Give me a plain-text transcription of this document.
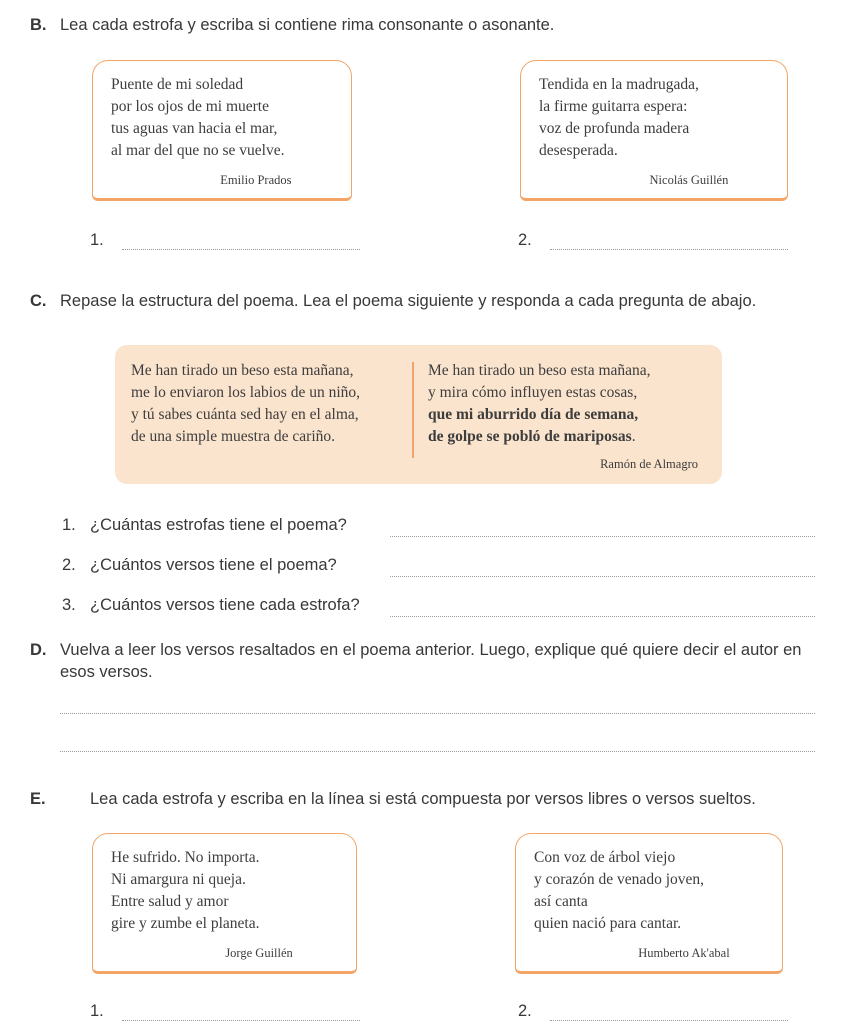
B. Lea cada estrofa y escriba si contiene rima consonante o asonante.
Puente de mi soledad
por los ojos de mi muerte
tus aguas van hacia el mar,
al mar del que no se vuelve.
Emilio Prados
Tendida en la madrugada,
la firme guitarra espera:
voz de profunda madera
desesperada.
Nicolás Guillén
1.	2.
C. Repase la estructura del poema. Lea el poema siguiente y responda a cada pregunta de abajo.
Me han tirado un beso esta mañana,
me lo enviaron los labios de un niño,
y tú sabes cuánta sed hay en el alma,
de una simple muestra de cariño.
Me han tirado un beso esta mañana,
y mira cómo influyen estas cosas,
que mi aburrido día de semana,
de golpe se pobló de mariposas.
Ramón de Almagro
1. ¿Cuántas estrofas tiene el poema?
2. ¿Cuántos versos tiene el poema?
3. ¿Cuántos versos tiene cada estrofa?
D. Vuelva a leer los versos resaltados en el poema anterior. Luego, explique qué quiere decir el autor en esos versos.
E.	Lea cada estrofa y escriba en la línea si está compuesta por versos libres o versos sueltos.
He sufrido. No importa.
Ni amargura ni queja.
Entre salud y amor
gire y zumbe el planeta.
Jorge Guillén
Con voz de árbol viejo
y corazón de venado joven,
así canta
quien nació para cantar.
Humberto Ak'abal
1.	2.
